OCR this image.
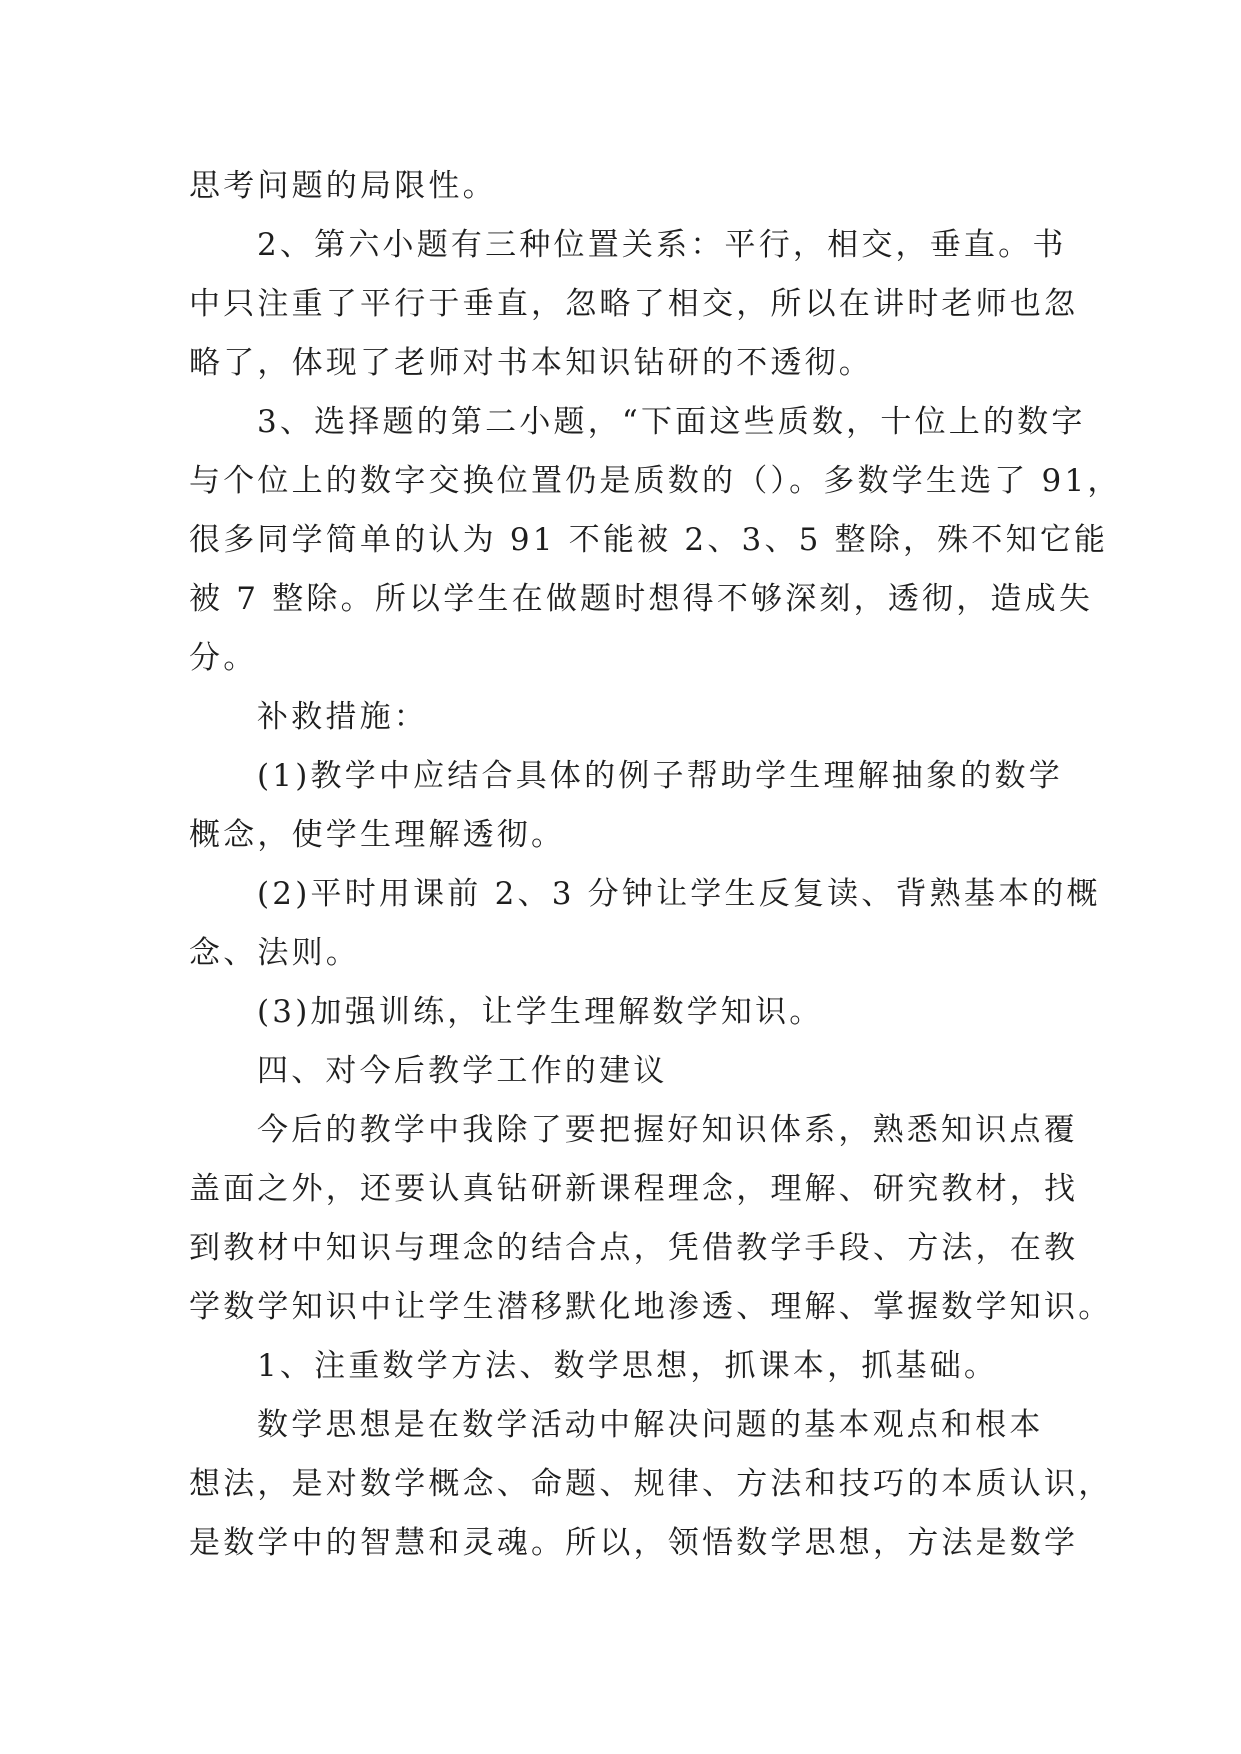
思考问题的局限性。
2、第六小题有三种位置关系：平行，相交，垂直。书
中只注重了平行于垂直，忽略了相交，所以在讲时老师也忽
略了，体现了老师对书本知识钻研的不透彻。
3、选择题的第二小题，“下面这些质数，十位上的数字
与个位上的数字交换位置仍是质数的（）。多数学生选了 91，
很多同学简单的认为 91 不能被 2、3、5 整除，殊不知它能
被 7 整除。所以学生在做题时想得不够深刻，透彻，造成失
分。
补救措施：
(1)教学中应结合具体的例子帮助学生理解抽象的数学
概念，使学生理解透彻。
(2)平时用课前 2、3 分钟让学生反复读、背熟基本的概
念、法则。
(3)加强训练，让学生理解数学知识。
四、对今后教学工作的建议
今后的教学中我除了要把握好知识体系，熟悉知识点覆
盖面之外，还要认真钻研新课程理念，理解、研究教材，找
到教材中知识与理念的结合点，凭借教学手段、方法，在教
学数学知识中让学生潜移默化地渗透、理解、掌握数学知识。
1、注重数学方法、数学思想，抓课本，抓基础。
数学思想是在数学活动中解决问题的基本观点和根本
想法，是对数学概念、命题、规律、方法和技巧的本质认识，
是数学中的智慧和灵魂。所以，领悟数学思想，方法是数学
